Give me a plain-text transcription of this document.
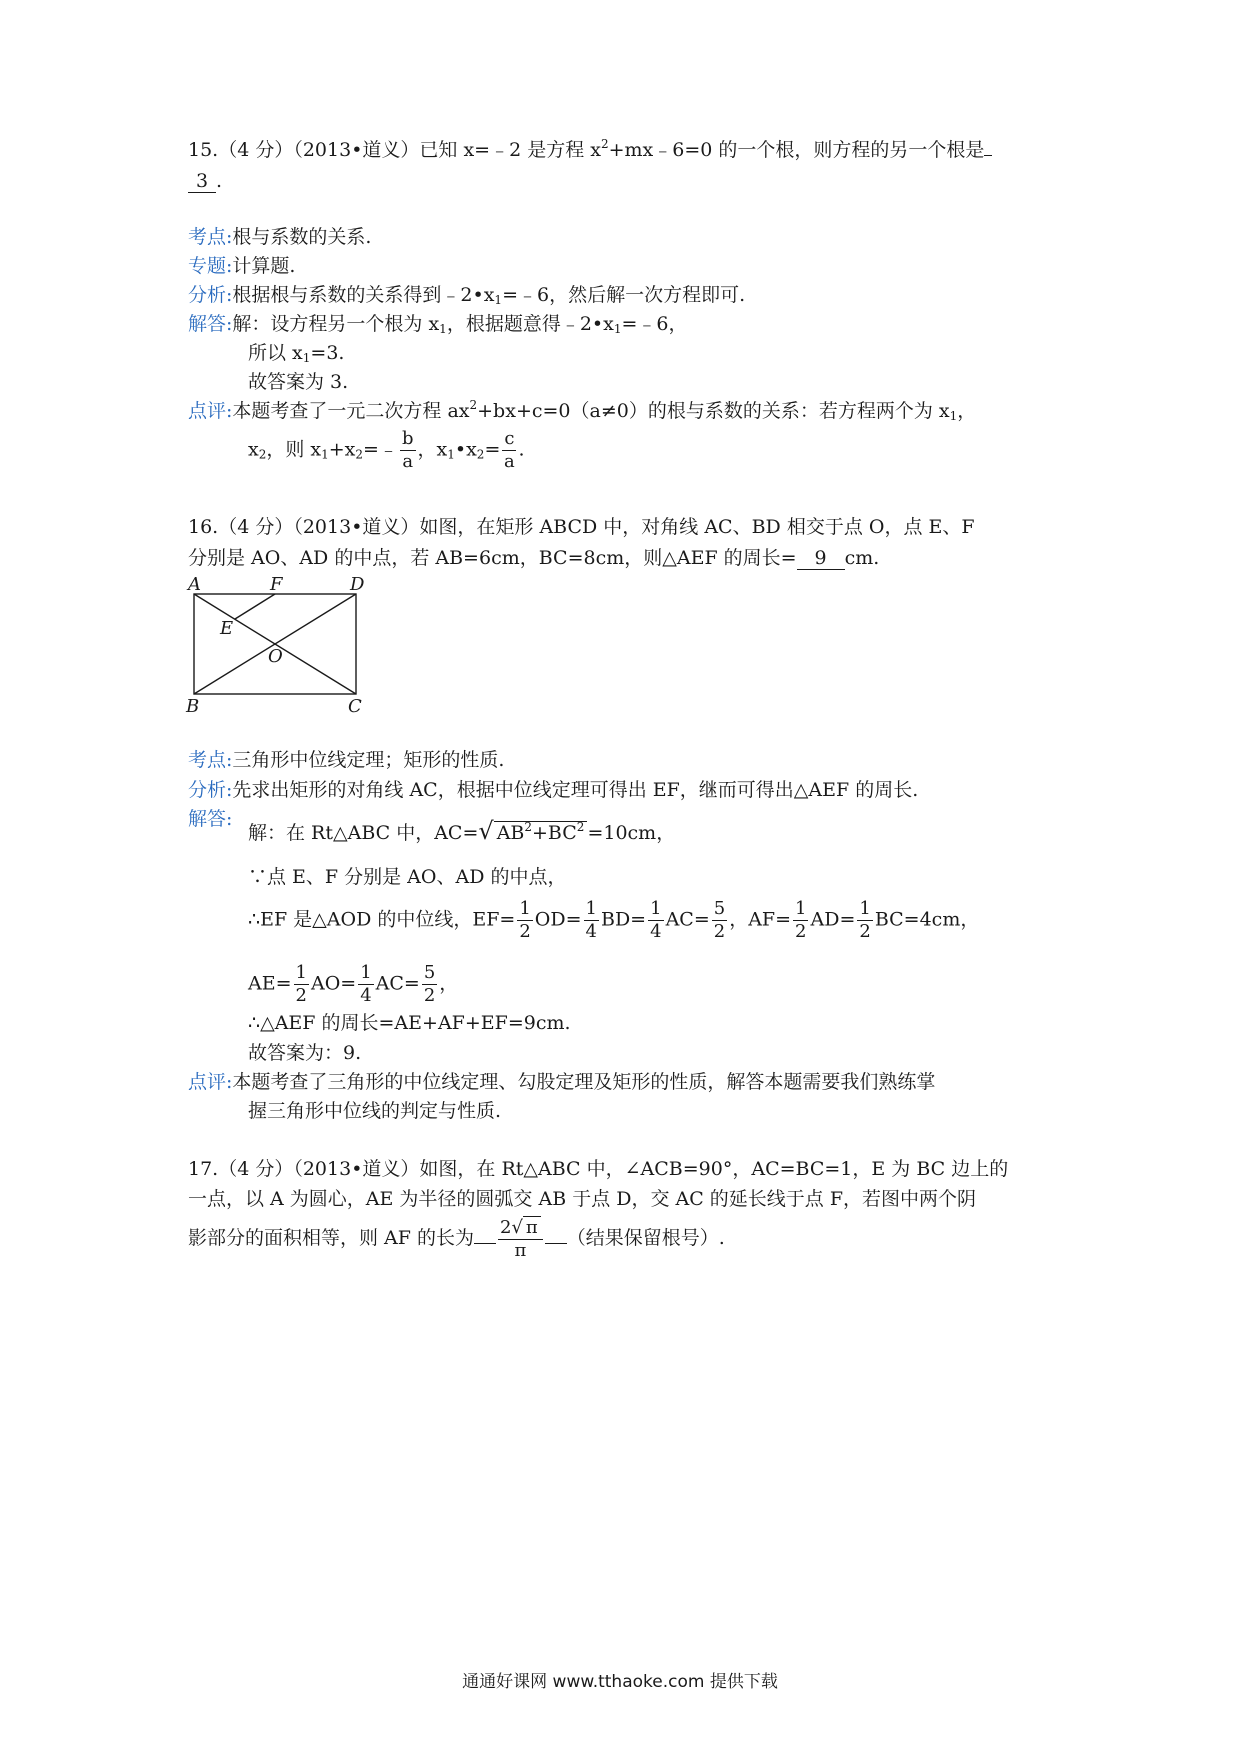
15.（4 分）（2013•道义）已知 x=﹣2 是方程 $x^2+mx﹣6=0$ 的一个根，则方程的另一个根是
3 .
考点:根与系数的关系.
专题:计算题.
分析:根据根与系数的关系得到$﹣2•x_1=﹣6$，然后解一次方程即可.
解答:解：设方程另一个根为 $x_1$，根据题意得$﹣2•x_1=﹣6$，
所以 $x_1=3$.
故答案为 3.
点评:本题考查了一元二次方程 $ax^2+bx+c=0(a\ne 0)$的根与系数的关系：若方程两个为 $x_1$，
$x_2$，则 $x_1+x_2=﹣ \frac{b}{a}$ ，$x_1•x_2= \frac{c}{a}$ .
16.（4 分）（2013•道义）如图，在矩形 ABCD 中，对角线 AC、BD 相交于点 O，点 E、F
分别是 AO、AD 的中点，若 AB=6cm，BC=8cm，则△AEF 的周长= 9 cm.
A	F	D
E
O
B	C
考点:三角形中位线定理；矩形的性质.
分析:先求出矩形的对角线 AC，根据中位线定理可得出 EF，继而可得出△AEF 的周长.
解答:
解：在 Rt△ABC 中，AC=√ $AB^2+BC^2 =10cm$，
∵点 E、F 分别是 AO、AD 的中点，
∴EF 是△AOD 的中位线，$EF= \frac{1}{2} OD= \frac{1}{4} BD= \frac{1}{4} AC= \frac{5}{2}$ ，$AF= \frac{1}{2} AD= \frac{1}{2} BC=4cm$，
$AE= \frac{1}{2} AO= \frac{1}{4} AC= \frac{5}{2}$ ，
∴△AEF 的周长=AE+AF+EF=9cm.
故答案为：9.
点评:本题考查了三角形的中位线定理、勾股定理及矩形的性质，解答本题需要我们熟练掌
握三角形中位线的判定与性质.
17.（4 分）（2013•道义）如图，在 Rt△ABC 中，∠ACB=90°，AC=BC=1，E 为 BC 边上的
一点，以 A 为圆心，AE 为半径的圆弧交 AB 于点 D，交 AC 的延长线于点 F，若图中两个阴
影部分的面积相等，则 AF 的长为 $\frac{2√ \pi}{\pi}$ （结果保留根号）.
通通好课网 www.tthaoke.com 提供下载
